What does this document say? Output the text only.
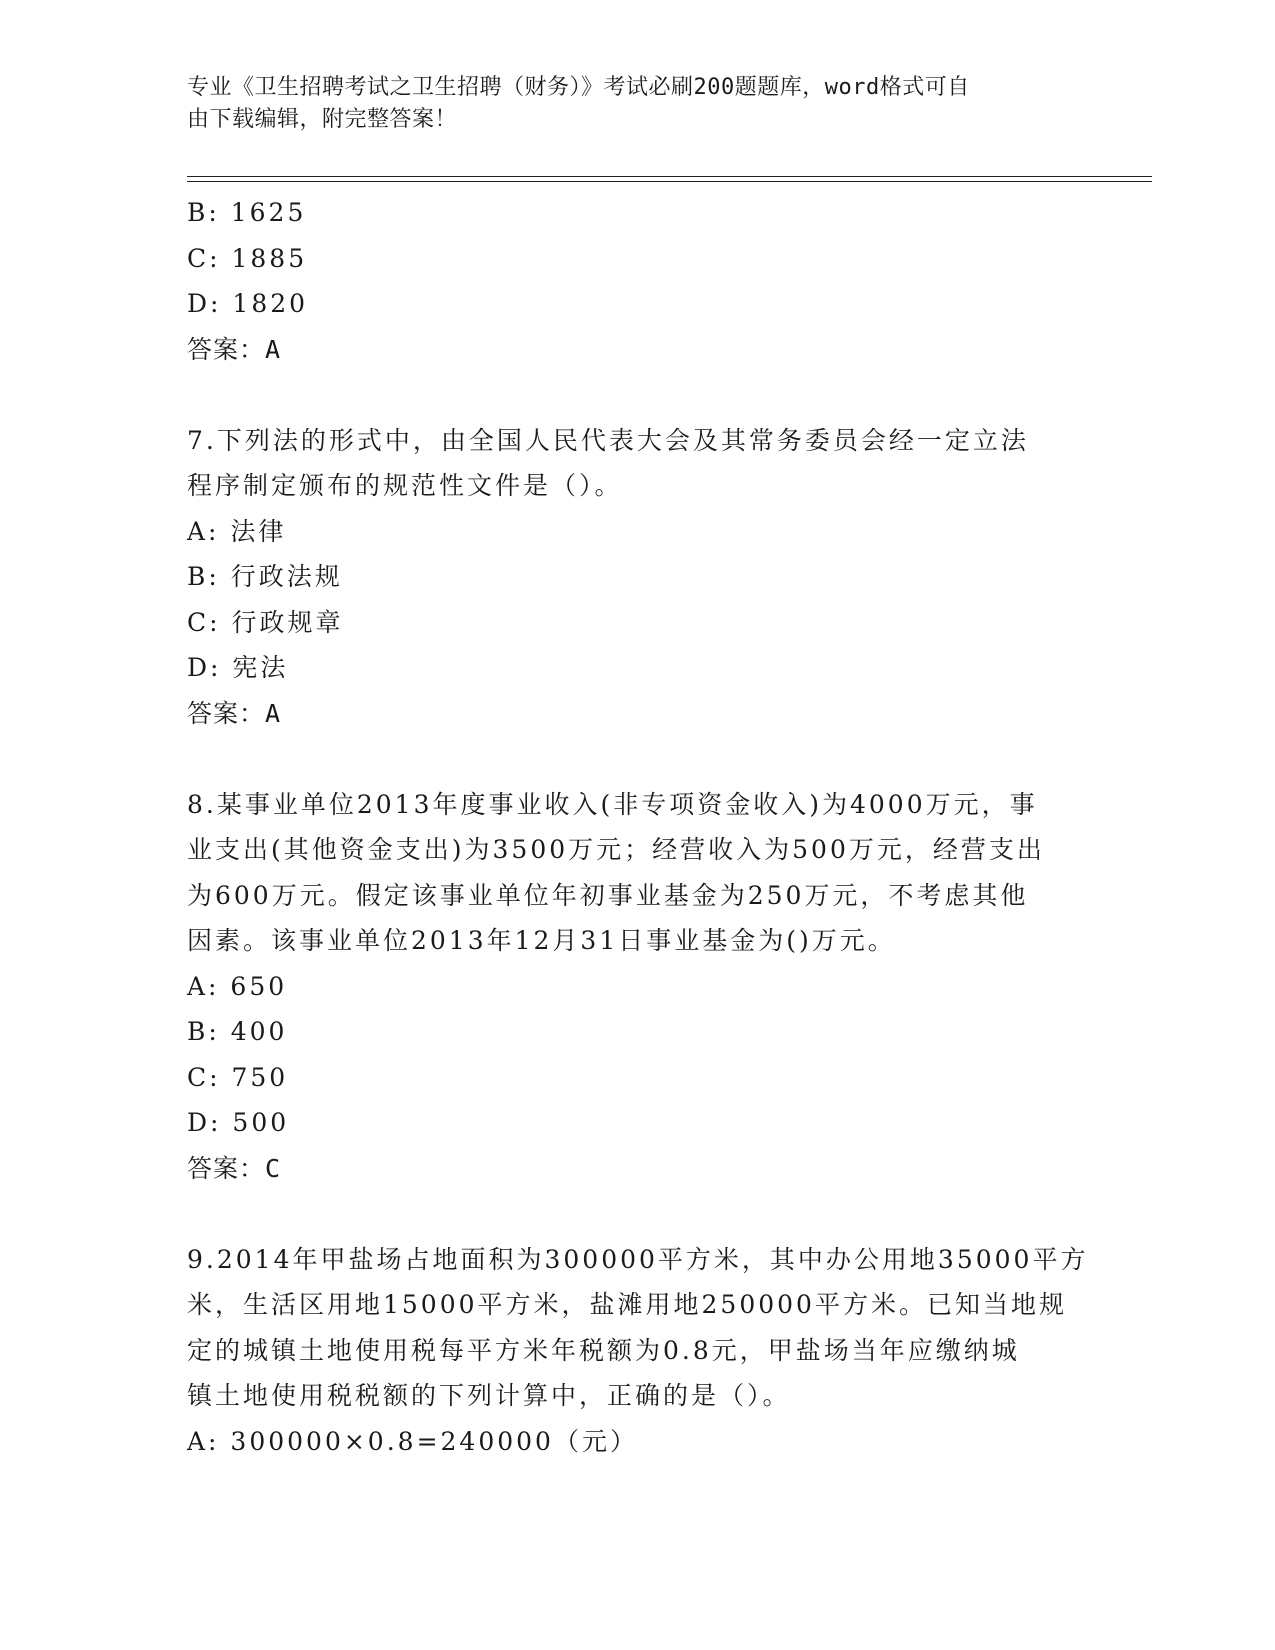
专业《卫生招聘考试之卫生招聘（财务）》考试必刷200题题库，word格式可自
由下载编辑，附完整答案！
B: 1625
C: 1885
D: 1820
答案：A
7.下列法的形式中，由全国人民代表大会及其常务委员会经一定立法
程序制定颁布的规范性文件是（）。
A: 法律
B: 行政法规
C: 行政规章
D: 宪法
答案：A
8.某事业单位2013年度事业收入(非专项资金收入)为4000万元，事
业支出(其他资金支出)为3500万元；经营收入为500万元，经营支出
为600万元。假定该事业单位年初事业基金为250万元，不考虑其他
因素。该事业单位2013年12月31日事业基金为()万元。
A: 650
B: 400
C: 750
D: 500
答案：C
9.2014年甲盐场占地面积为300000平方米，其中办公用地35000平方
米，生活区用地15000平方米，盐滩用地250000平方米。已知当地规
定的城镇土地使用税每平方米年税额为0.8元，甲盐场当年应缴纳城
镇土地使用税税额的下列计算中，正确的是（）。
A: 300000×0.8=240000（元）
